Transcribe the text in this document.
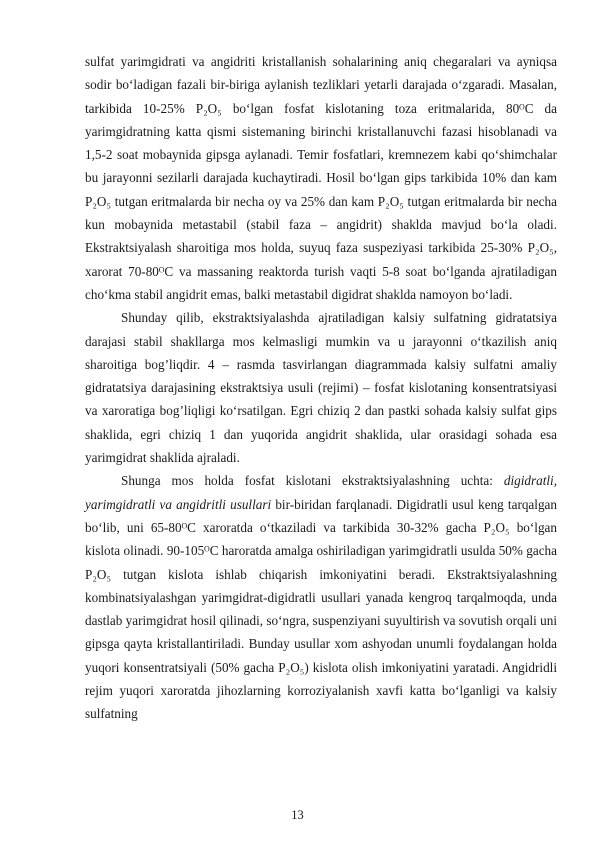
sulfat yarimgidrati va angidriti kristallanish sohalarining aniq chegaralari va ayniqsa sodir bo‘ladigan fazali bir-biriga aylanish tezliklari yetarli darajada o‘zgaradi. Masalan, tarkibida 10-25% P₂O₅ bo‘lgan fosfat kislotaning toza eritmalarida, 80ᴼC da yarimgidratning katta qismi sistemaning birinchi kristallanuvchi fazasi hisoblanadi va 1,5-2 soat mobaynida gipsga aylanadi. Temir fosfatlari, kremnezem kabi qo‘shimchalar bu jarayonni sezilarli darajada kuchaytiradi. Hosil bo‘lgan gips tarkibida 10% dan kam P₂O₅ tutgan eritmalarda bir necha oy va 25% dan kam P₂O₅ tutgan eritmalarda bir necha kun mobaynida metastabil (stabil faza – angidrit) shaklda mavjud bo‘la oladi. Ekstraktsiyalash sharoitiga mos holda, suyuq faza suspeziyasi tarkibida 25-30% P₂O₅, xarorat 70-80ᴼC va massaning reaktorda turish vaqti 5-8 soat bo‘lganda ajratiladigan cho‘kma stabil angidrit emas, balki metastabil digidrat shaklda namoyon bo‘ladi.

Shunday qilib, ekstraktsiyalashda ajratiladigan kalsiy sulfatning gidratatsiya darajasi stabil shakllarga mos kelmasligi mumkin va u jarayonni o‘tkazilish aniq sharoitiga bog’liqdir. 4 – rasmda tasvirlangan diagrammada kalsiy sulfatni amaliy gidratatsiya darajasining ekstraktsiya usuli (rejimi) – fosfat kislotaning konsentratsiyasi va xaroratiga bog’liqligi ko‘rsatilgan. Egri chiziq 2 dan pastki sohada kalsiy sulfat gips shaklida, egri chiziq 1 dan yuqorida angidrit shaklida, ular orasidagi sohada esa yarimgidrat shaklida ajraladi.

Shunga mos holda fosfat kislotani ekstraktsiyalashning uchta: digidratli, yarimgidratli va angidritli usullari bir-biridan farqlanadi. Digidratli usul keng tarqalgan bo‘lib, uni 65-80ᴼC xaroratda o‘tkaziladi va tarkibida 30-32% gacha P₂O₅ bo‘lgan kislota olinadi. 90-105ᴼC haroratda amalga oshiriladigan yarimgidratli usulda 50% gacha P₂O₅ tutgan kislota ishlab chiqarish imkoniyatini beradi. Ekstraktsiyalashning kombinatsiyalashgan yarimgidrat-digidratli usullari yanada kengroq tarqalmoqda, unda dastlab yarimgidrat hosil qilinadi, so‘ngra, suspenziyani suyultirish va sovutish orqali uni gipsga qayta kristallantiriladi. Bunday usullar xom ashyodan unumli foydalangan holda yuqori konsentratsiyali (50% gacha P₂O₅) kislota olish imkoniyatini yaratadi. Angidridli rejim yuqori xaroratda jihozlarning korroziyalanish xavfi katta bo‘lganligi va kalsiy sulfatning

13
